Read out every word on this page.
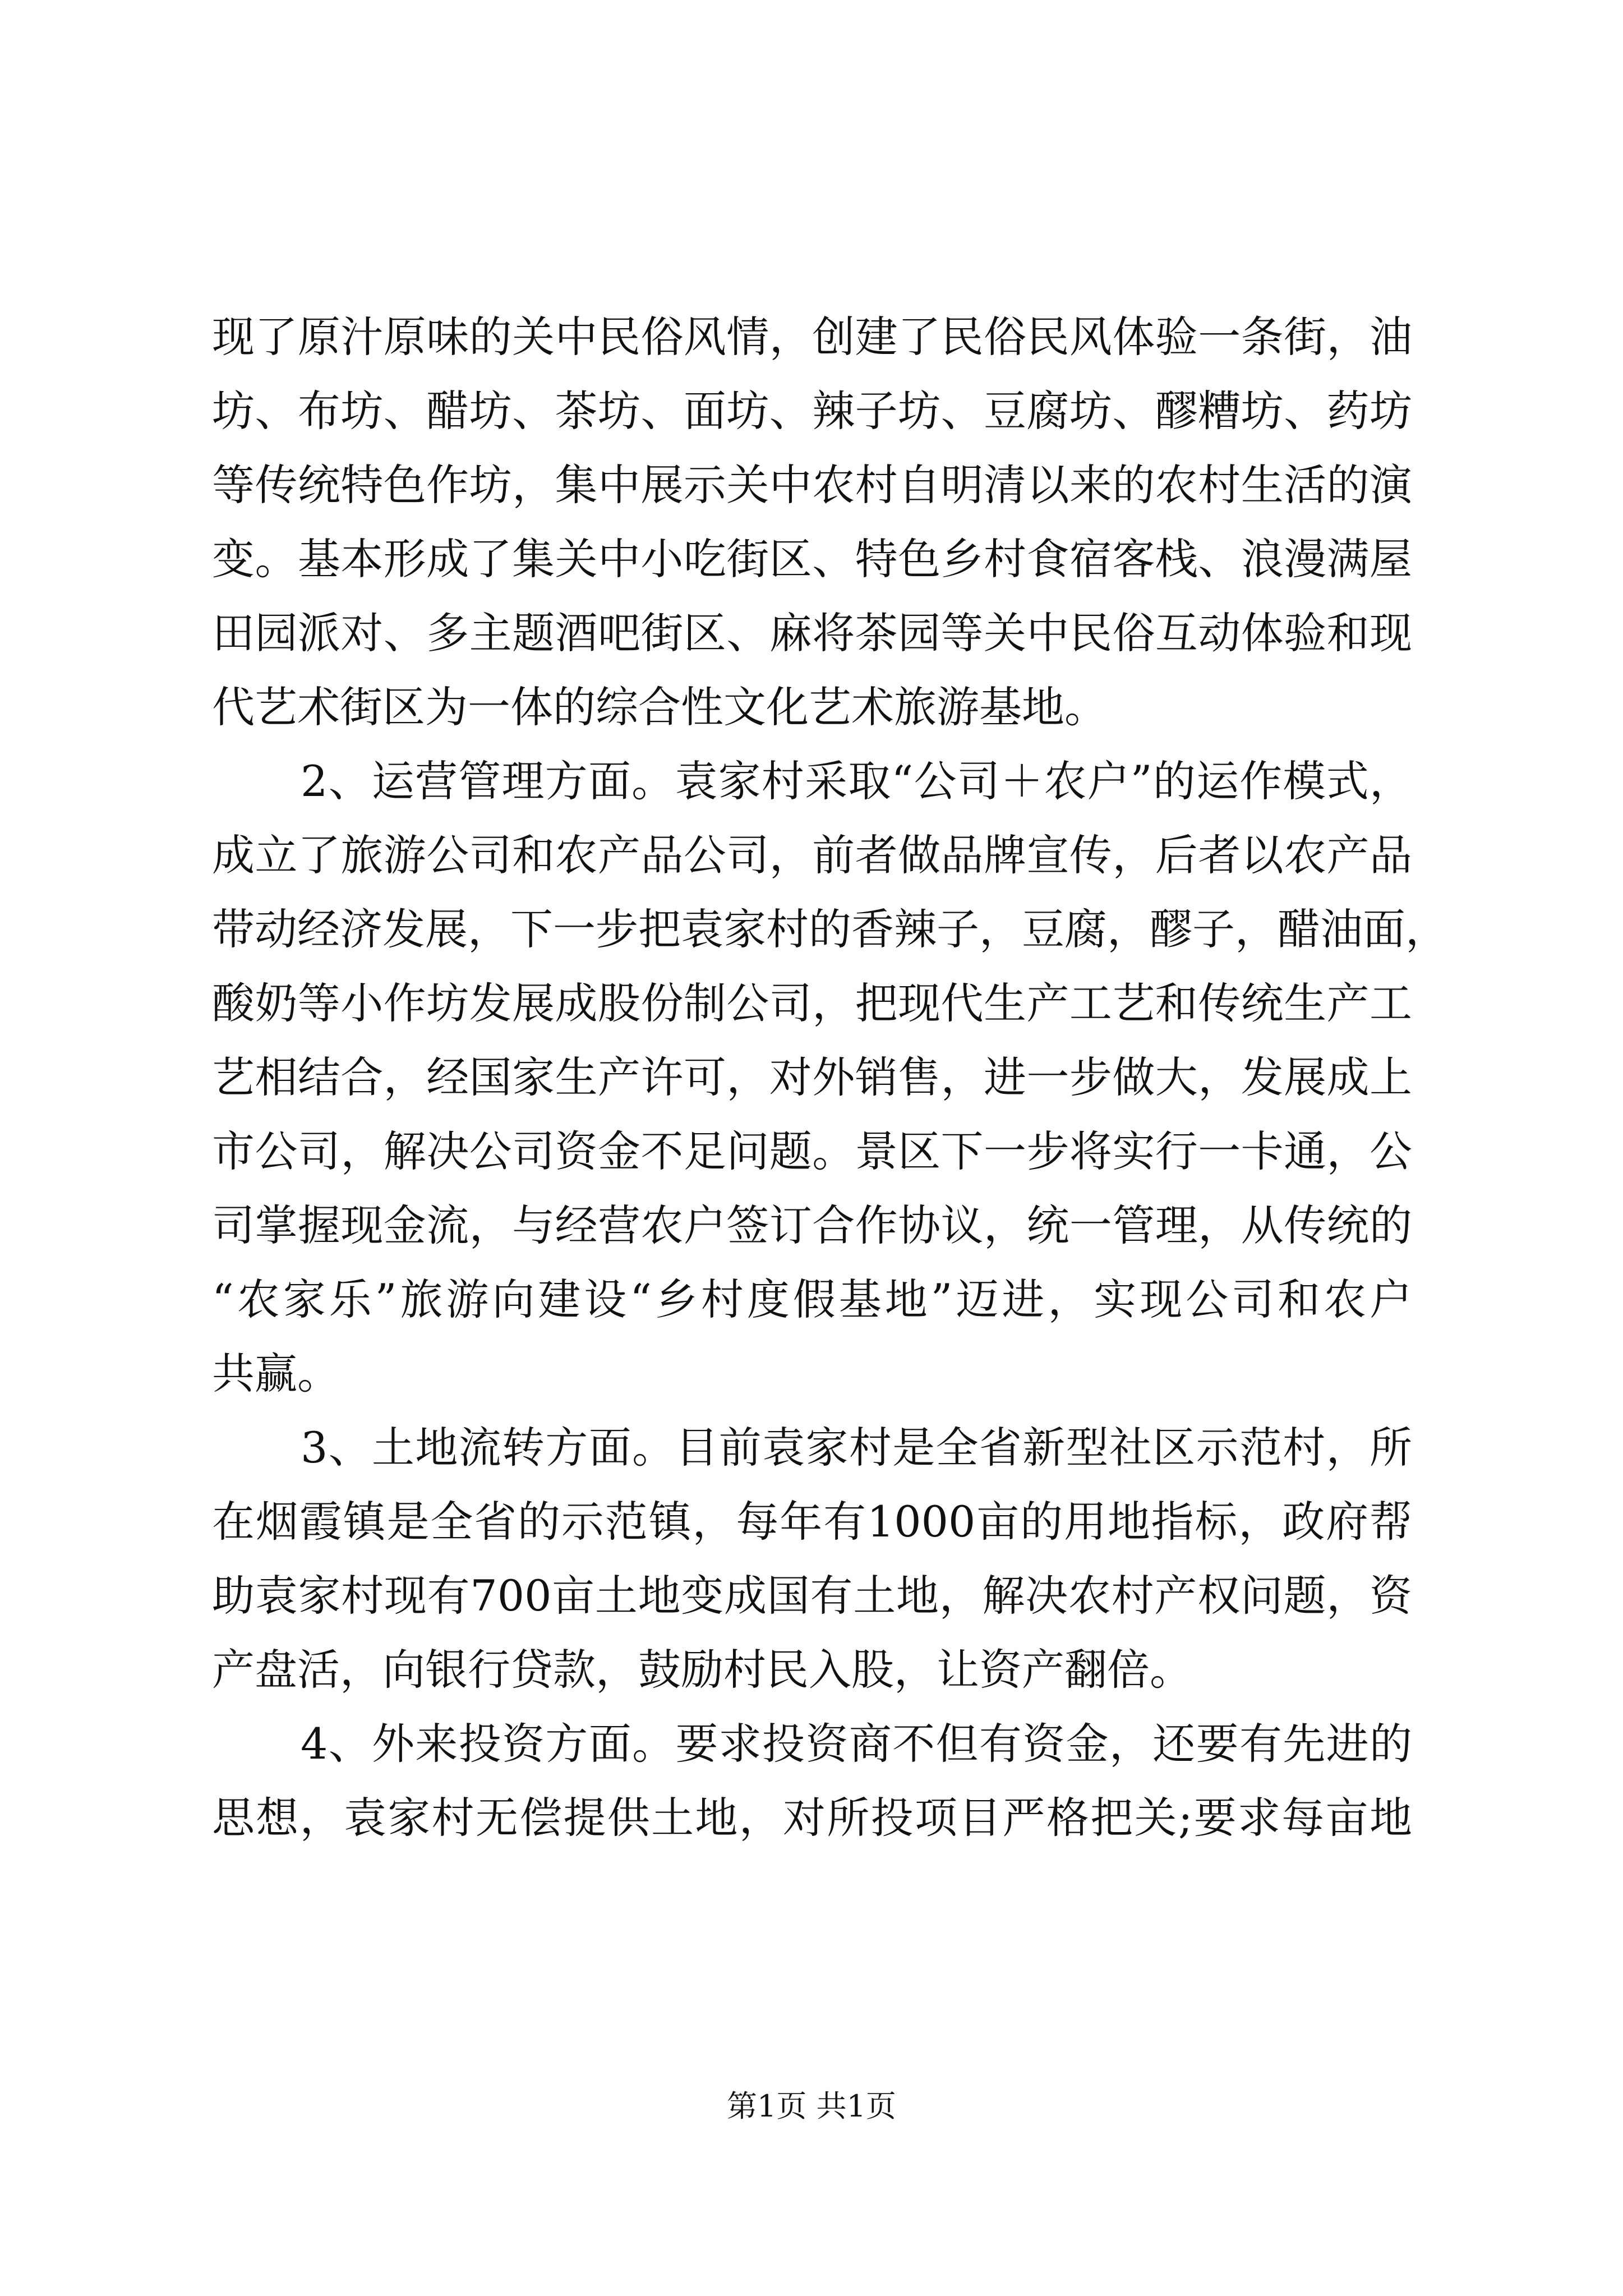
现了原汁原味的关中民俗风情，创建了民俗民风体验一条街，油
坊、布坊、醋坊、茶坊、面坊、辣子坊、豆腐坊、醪糟坊、药坊
等传统特色作坊，集中展示关中农村自明清以来的农村生活的演
变。基本形成了集关中小吃街区、特色乡村食宿客栈、浪漫满屋
田园派对、多主题酒吧街区、麻将茶园等关中民俗互动体验和现
代艺术街区为一体的综合性文化艺术旅游基地。
2、运营管理方面。袁家村采取“公司＋农户”的运作模式，
成立了旅游公司和农产品公司，前者做品牌宣传，后者以农产品
带动经济发展，下一步把袁家村的香辣子，豆腐，醪子，醋油面，
酸奶等小作坊发展成股份制公司，把现代生产工艺和传统生产工
艺相结合，经国家生产许可，对外销售，进一步做大，发展成上
市公司，解决公司资金不足问题。景区下一步将实行一卡通，公
司掌握现金流，与经营农户签订合作协议，统一管理，从传统的
“农家乐”旅游向建设“乡村度假基地”迈进，实现公司和农户
共赢。
3、土地流转方面。目前袁家村是全省新型社区示范村，所
在烟霞镇是全省的示范镇，每年有1000亩的用地指标，政府帮
助袁家村现有700亩土地变成国有土地，解决农村产权问题，资
产盘活，向银行贷款，鼓励村民入股，让资产翻倍。
4、外来投资方面。要求投资商不但有资金，还要有先进的
思想，袁家村无偿提供土地，对所投项目严格把关;要求每亩地
第1页 共1页
